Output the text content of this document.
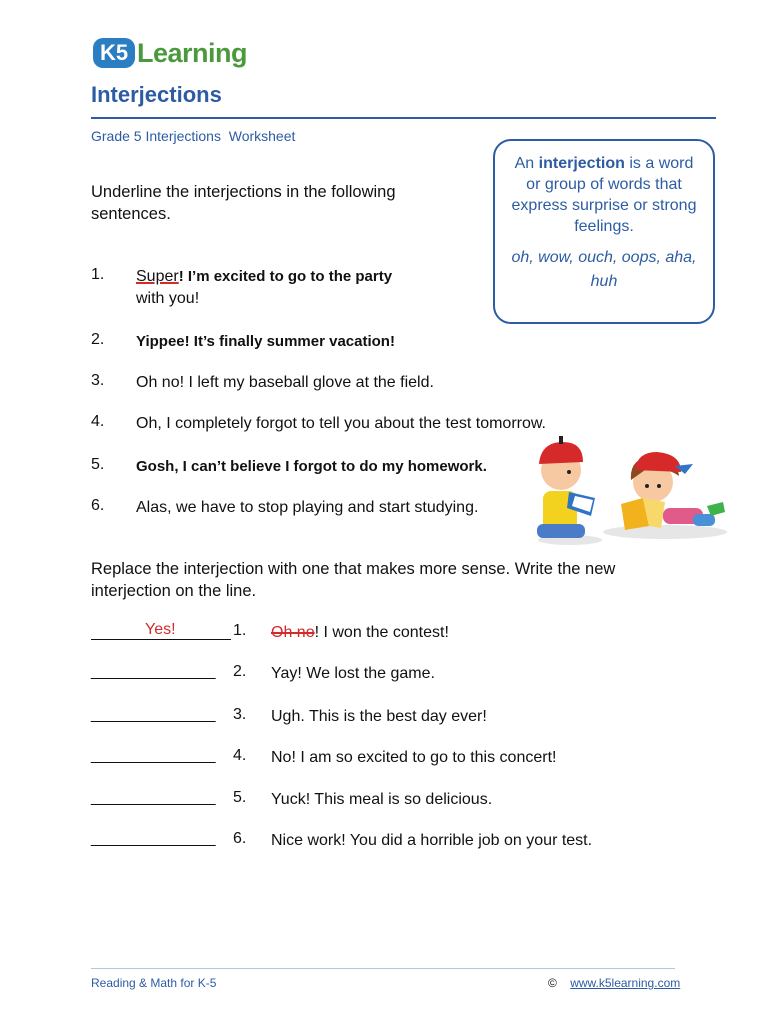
K5 Learning
Interjections
Grade 5 Interjections  Worksheet
Underline the interjections in the following sentences.
An interjection is a word or group of words that express surprise or strong feelings.
oh, wow, ouch, oops, aha, huh
1.	Super! I’m excited to go to the party
with you!
2.	Yippee! It’s finally summer vacation!
3.	Oh no! I left my baseball glove at the field.
4.	Oh, I completely forgot to tell you about the test tomorrow.
5.	Gosh, I can’t believe I forgot to do my homework.
6.	Alas, we have to stop playing and start studying.
Replace the interjection with one that makes more sense. Write the new interjection on the line.
Yes!	1.	Oh no! I won the contest!
______________ 2.	Yay! We lost the game.
______________ 3.	Ugh. This is the best day ever!
______________ 4.	No! I am so excited to go to this concert!
______________ 5.	Yuck! This meal is so delicious.
______________ 6.	Nice work! You did a horrible job on your test.
Reading & Math for K-5	© www.k5learning.com
